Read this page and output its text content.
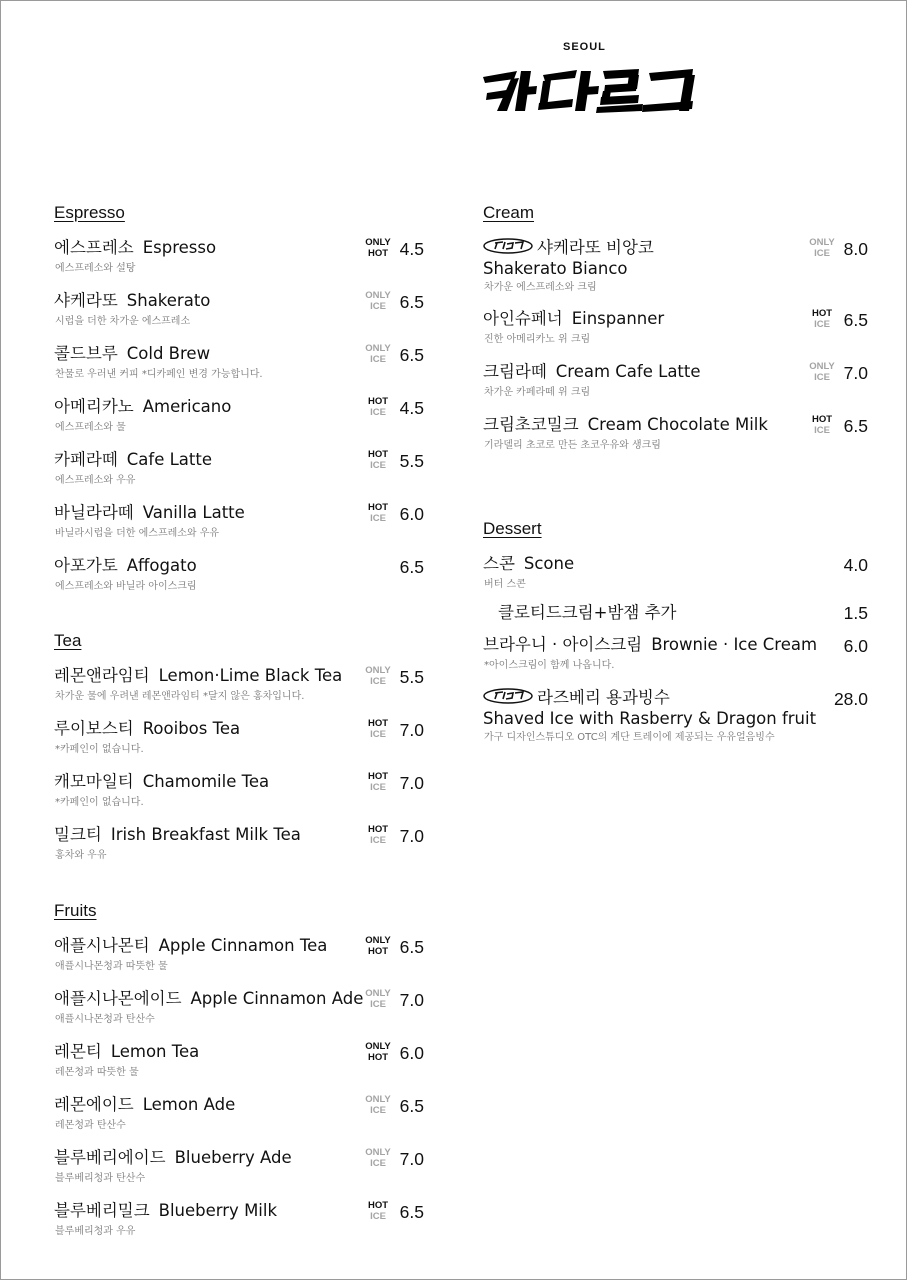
SEOUL
Espresso
에스프레소 Espresso
에스프레소와 설탕
ONLY
HOT 4.5
샤케라또 Shakerato
시럽을 더한 차가운 에스프레소
ONLY
ICE 6.5
콜드브루 Cold Brew
찬물로 우러낸 커피 *디카페인 변경 가능합니다.
ONLY
ICE 6.5
아메리카노 Americano
에스프레소와 물
HOT
ICE 4.5
카페라떼 Cafe Latte
에스프레소와 우유
HOT
ICE 5.5
바닐라라떼 Vanilla Latte
바닐라시럽을 더한 에스프레소와 우유
HOT
ICE 6.0
아포가토 Affogato
에스프레소와 바닐라 아이스크림
6.5
Tea
레몬앤라임티 Lemon·Lime Black Tea
차가운 물에 우려낸 레몬앤라임티 *달지 않은 홍차입니다.
ONLY
ICE 5.5
루이보스티 Rooibos Tea
*카페인이 없습니다.
HOT
ICE 7.0
캐모마일티 Chamomile Tea
*카페인이 없습니다.
HOT
ICE 7.0
밀크티 Irish Breakfast Milk Tea
홍차와 우유
HOT
ICE 7.0
Fruits
애플시나몬티 Apple Cinnamon Tea
애플시나몬청과 따뜻한 물
ONLY
HOT 6.5
애플시나몬에이드 Apple Cinnamon Ade
애플시나몬청과 탄산수
ONLY
ICE 7.0
레몬티 Lemon Tea
레몬청과 따뜻한 물
ONLY
HOT 6.0
레몬에이드 Lemon Ade
레몬청과 탄산수
ONLY
ICE 6.5
블루베리에이드 Blueberry Ade
블루베리청과 탄산수
ONLY
ICE 7.0
블루베리밀크 Blueberry Milk
블루베리청과 우유
HOT
ICE 6.5
Cream
샤케라또 비앙코
Shakerato Bianco
차가운 에스프레소와 크림
ONLY
ICE 8.0
아인슈페너 Einspanner
진한 아메리카노 위 크림
HOT
ICE 6.5
크림라떼 Cream Cafe Latte
차가운 카페라떼 위 크림
ONLY
ICE 7.0
크림초코밀크 Cream Chocolate Milk
기라델리 초코로 만든 초코우유와 생크림
HOT
ICE 6.5
Dessert
스콘 Scone
버터 스콘
4.0
클로티드크림+밤잼 추가	1.5
브라우니 · 아이스크림 Brownie · Ice Cream
*아이스크림이 함께 나옵니다.
6.0
라즈베리 용과빙수
Shaved Ice with Rasberry & Dragon fruit
가구 디자인스튜디오 OTC의 계단 트레이에 제공되는 우유얼음빙수
28.0
